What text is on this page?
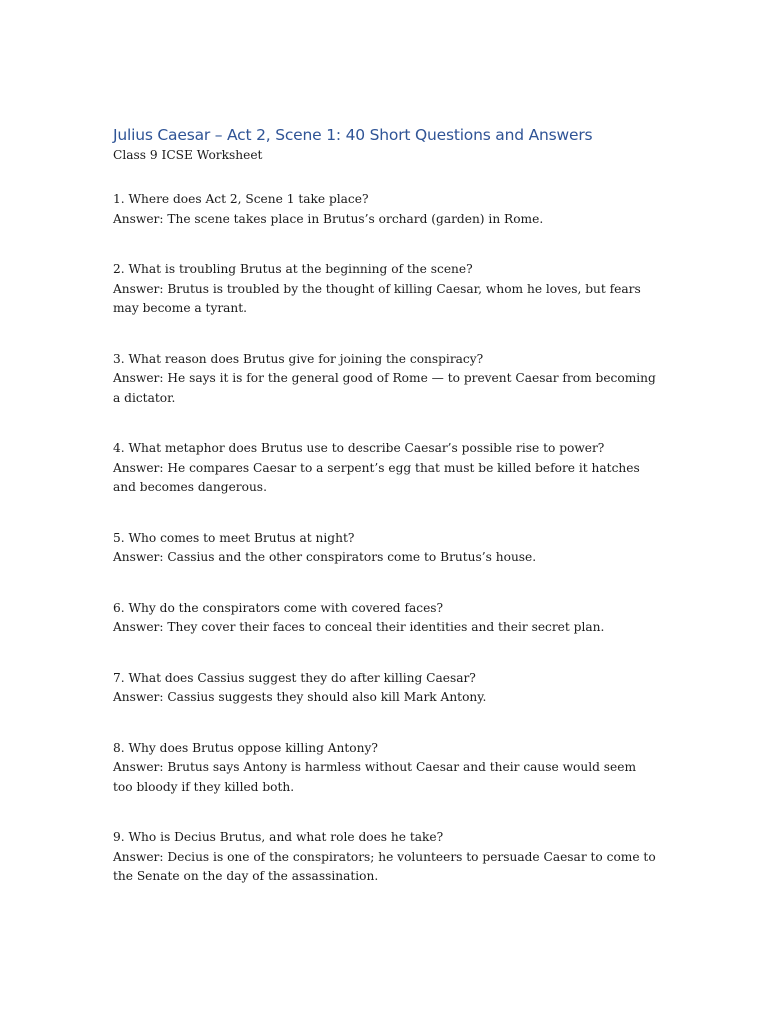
Julius Caesar – Act 2, Scene 1: 40 Short Questions and Answers

Class 9 ICSE Worksheet

1. Where does Act 2, Scene 1 take place?
Answer: The scene takes place in Brutus’s orchard (garden) in Rome.
2. What is troubling Brutus at the beginning of the scene?
Answer: Brutus is troubled by the thought of killing Caesar, whom he loves, but fears may become a tyrant.
3. What reason does Brutus give for joining the conspiracy?
Answer: He says it is for the general good of Rome — to prevent Caesar from becoming a dictator.
4. What metaphor does Brutus use to describe Caesar’s possible rise to power?
Answer: He compares Caesar to a serpent’s egg that must be killed before it hatches and becomes dangerous.
5. Who comes to meet Brutus at night?
Answer: Cassius and the other conspirators come to Brutus’s house.
6. Why do the conspirators come with covered faces?
Answer: They cover their faces to conceal their identities and their secret plan.
7. What does Cassius suggest they do after killing Caesar?
Answer: Cassius suggests they should also kill Mark Antony.
8. Why does Brutus oppose killing Antony?
Answer: Brutus says Antony is harmless without Caesar and their cause would seem too bloody if they killed both.
9. Who is Decius Brutus, and what role does he take?
Answer: Decius is one of the conspirators; he volunteers to persuade Caesar to come to the Senate on the day of the assassination.
